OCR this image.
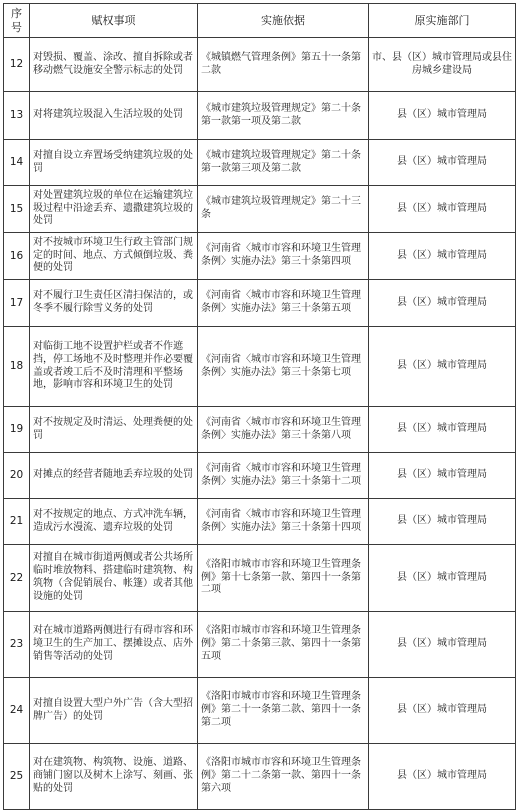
序号	赋权事项	实施依据	原实施部门
12	对毁损、覆盖、涂改、擅自拆除或者移动燃气设施安全警示标志的处罚	《城镇燃气管理条例》第五十一条第二款	市、县（区）城市管理局或县住房城乡建设局
13	对将建筑垃圾混入生活垃圾的处罚	《城市建筑垃圾管理规定》第二十条第一款第一项及第二款	县（区）城市管理局
14	对擅自设立弃置场受纳建筑垃圾的处罚	《城市建筑垃圾管理规定》第二十条第一款第三项及第二款	县（区）城市管理局
15	对处置建筑垃圾的单位在运输建筑垃圾过程中沿途丢弃、遗撒建筑垃圾的处罚	《城市建筑垃圾管理规定》第二十三条	县（区）城市管理局
16	对不按城市环境卫生行政主管部门规定的时间、地点、方式倾倒垃圾、粪便的处罚	《河南省〈城市市容和环境卫生管理条例〉实施办法》第三十条第四项	县（区）城市管理局
17	对不履行卫生责任区清扫保洁的，或冬季不履行除雪义务的处罚	《河南省〈城市市容和环境卫生管理条例〉实施办法》第三十条第五项	县（区）城市管理局
18	对临街工地不设置护栏或者不作遮挡，停工场地不及时整理并作必要覆盖或者竣工后不及时清理和平整场地，影响市容和环境卫生的处罚	《河南省〈城市市容和环境卫生管理条例〉实施办法》第三十条第七项	县（区）城市管理局
19	对不按规定及时清运、处理粪便的处罚	《河南省〈城市市容和环境卫生管理条例〉实施办法》第三十条第八项	县（区）城市管理局
20	对摊点的经营者随地丢弃垃圾的处罚	《河南省〈城市市容和环境卫生管理条例〉实施办法》第三十条第十二项	县（区）城市管理局
21	对不按规定的地点、方式冲洗车辆，造成污水漫流、遗弃垃圾的处罚	《河南省〈城市市容和环境卫生管理条例〉实施办法》第三十条第十四项	县（区）城市管理局
22	对擅自在城市街道两侧或者公共场所临时堆放物料、搭建临时建筑物、构筑物（含促销展台、帐篷）或者其他设施的处罚	《洛阳市城市市容和环境卫生管理条例》第十七条第一款、第四十一条第二项	县（区）城市管理局
23	对在城市道路两侧进行有碍市容和环境卫生的生产加工、摆摊设点、店外销售等活动的处罚	《洛阳市城市市容和环境卫生管理条例》第二十条第三款、第四十一条第五项	县（区）城市管理局
24	对擅自设置大型户外广告（含大型招牌广告）的处罚	《洛阳市城市市容和环境卫生管理条例》第二十一条第二款、第四十一条第二项	县（区）城市管理局
25	对在建筑物、构筑物、设施、道路、商铺门窗以及树木上涂写、刻画、张贴的处罚	《洛阳市城市市容和环境卫生管理条例》第二十二条第一款、第四十一条第六项	县（区）城市管理局
